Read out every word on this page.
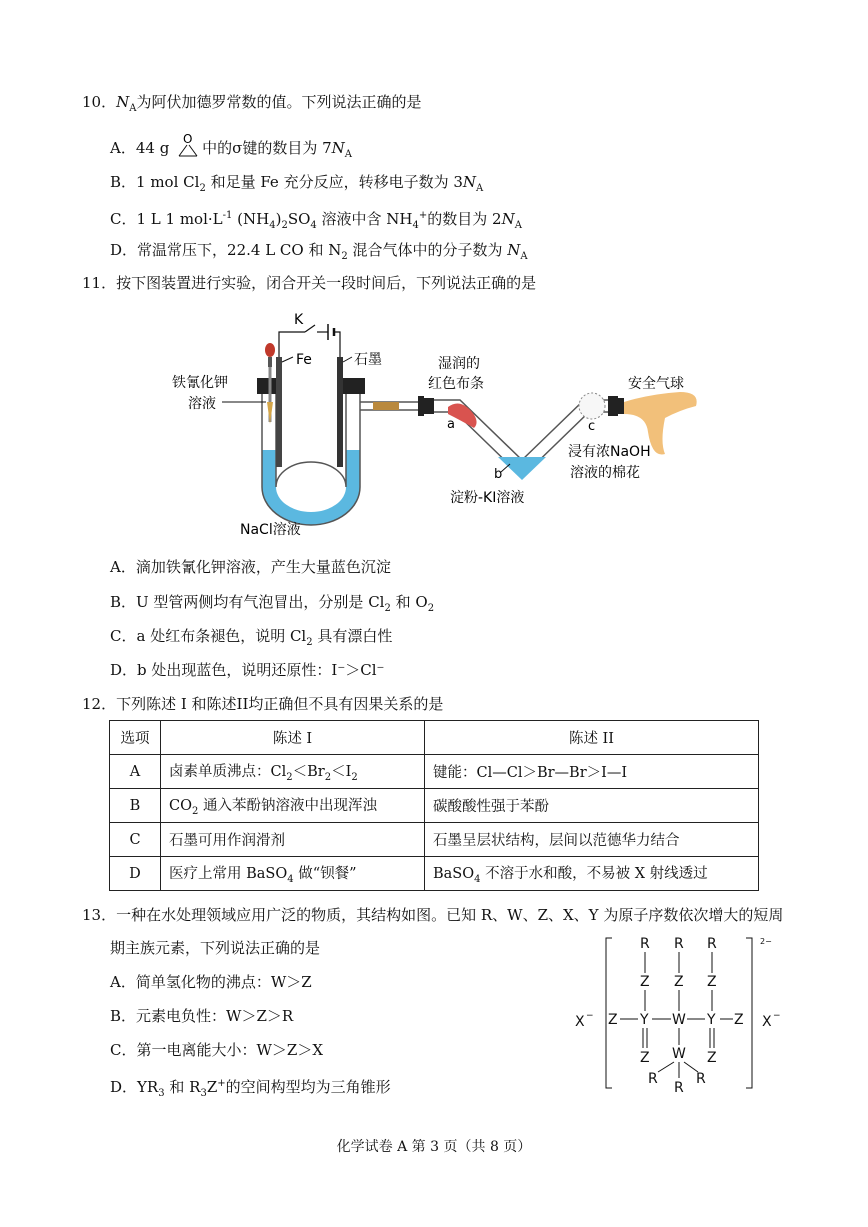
10．$N_A$为阿伏加德罗常数的值。下列说法正确的是
A．44 g O 中的σ键的数目为 $7N_A$
B．1 mol $Cl_2$ 和足量 Fe 充分反应，转移电子数为 $3N_A$
C．1 L 1 $mol\cdot L^{-1}$ $(NH_4)_2SO_4$ 溶液中含 $NH_4^+$的数目为 $2N_A$
D．常温常压下，22.4 L CO 和 $N_2$ 混合气体中的分子数为 $N_A$
11．按下图装置进行实验，闭合开关一段时间后，下列说法正确的是
K
Fe	石墨
铁氰化钾
溶液
NaCl溶液
湿润的
红色布条
a
b
淀粉-KI溶液
c
安全气球
浸有浓NaOH
溶液的棉花
A．滴加铁氰化钾溶液，产生大量蓝色沉淀
B．U 型管两侧均有气泡冒出，分别是 $Cl_2$ 和 $O_2$
C．a 处红布条褪色，说明 $Cl_2$ 具有漂白性
D．b 处出现蓝色，说明还原性：I⁻＞Cl⁻
12．下列陈述 I 和陈述II均正确但不具有因果关系的是
选项	陈述 I	陈述 II
A	卤素单质沸点：$Cl_2<Br_2<I_2$	键能：Cl—Cl＞Br—Br＞I—I
B	$CO_2$ 通入苯酚钠溶液中出现浑浊	碳酸酸性强于苯酚
C	石墨可用作润滑剂	石墨呈层状结构，层间以范德华力结合
D	医疗上常用 BaSO$_4$ 做“钡餐”	BaSO$_4$ 不溶于水和酸，不易被 X 射线透过
13．一种在水处理领域应用广泛的物质，其结构如图。已知 R、W、Z、X、Y 为原子序数依次增大的短周
期主族元素，下列说法正确的是
A．简单氢化物的沸点：W＞Z
B．元素电负性：W＞Z＞R
C．第一电离能大小：W＞Z＞X
D．$YR_3$ 和 $R_3Z^+$的空间构型均为三角锥形
R R R
Z Z Z
X − Z Y W Y Z X −
Z W Z
R
R
R
2−
化学试卷 A 第 3 页（共 8 页）
